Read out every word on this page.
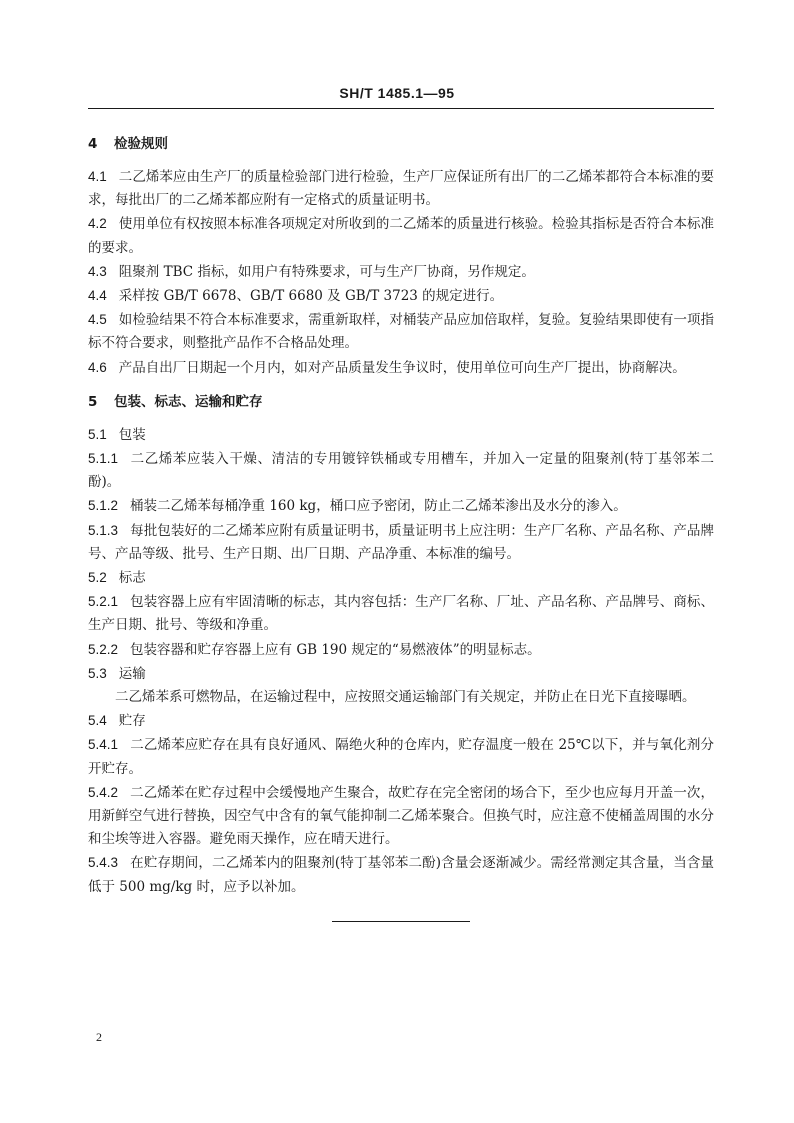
SH/T 1485.1—95
4 检验规则

4.1 二乙烯苯应由生产厂的质量检验部门进行检验，生产厂应保证所有出厂的二乙烯苯都符合本标准的要求，每批出厂的二乙烯苯都应附有一定格式的质量证明书。

4.2 使用单位有权按照本标准各项规定对所收到的二乙烯苯的质量进行核验。检验其指标是否符合本标准的要求。

4.3 阻聚剂 TBC 指标，如用户有特殊要求，可与生产厂协商，另作规定。

4.4 采样按 GB/T 6678、GB/T 6680 及 GB/T 3723 的规定进行。

4.5 如检验结果不符合本标准要求，需重新取样，对桶装产品应加倍取样，复验。复验结果即使有一项指标不符合要求，则整批产品作不合格品处理。

4.6 产品自出厂日期起一个月内，如对产品质量发生争议时，使用单位可向生产厂提出，协商解决。

5 包装、标志、运输和贮存

5.1 包装

5.1.1 二乙烯苯应装入干燥、清洁的专用镀锌铁桶或专用槽车，并加入一定量的阻聚剂(特丁基邻苯二酚)。

5.1.2 桶装二乙烯苯每桶净重 160 kg，桶口应予密闭，防止二乙烯苯渗出及水分的渗入。

5.1.3 每批包装好的二乙烯苯应附有质量证明书，质量证明书上应注明：生产厂名称、产品名称、产品牌号、产品等级、批号、生产日期、出厂日期、产品净重、本标准的编号。

5.2 标志

5.2.1 包装容器上应有牢固清晰的标志，其内容包括：生产厂名称、厂址、产品名称、产品牌号、商标、生产日期、批号、等级和净重。

5.2.2 包装容器和贮存容器上应有 GB 190 规定的“易燃液体”的明显标志。

5.3 运输

二乙烯苯系可燃物品，在运输过程中，应按照交通运输部门有关规定，并防止在日光下直接曝晒。

5.4 贮存

5.4.1 二乙烯苯应贮存在具有良好通风、隔绝火种的仓库内，贮存温度一般在 25℃以下，并与氧化剂分开贮存。

5.4.2 二乙烯苯在贮存过程中会缓慢地产生聚合，故贮存在完全密闭的场合下，至少也应每月开盖一次，用新鲜空气进行替换，因空气中含有的氧气能抑制二乙烯苯聚合。但换气时，应注意不使桶盖周围的水分和尘埃等进入容器。避免雨天操作，应在晴天进行。

5.4.3 在贮存期间，二乙烯苯内的阻聚剂(特丁基邻苯二酚)含量会逐渐减少。需经常测定其含量，当含量低于 500 mg/kg 时，应予以补加。

2
